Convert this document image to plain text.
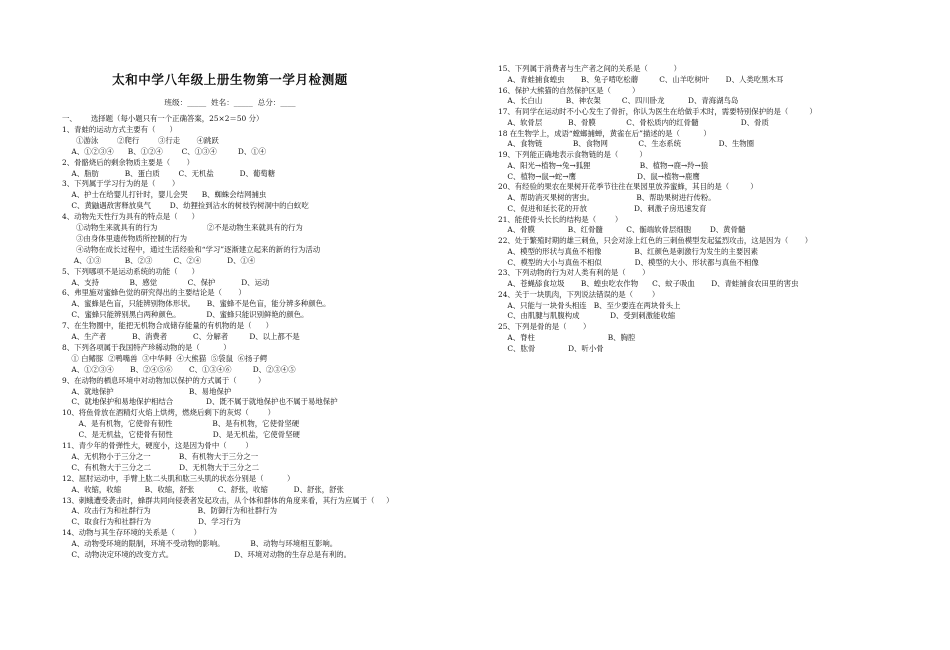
太和中学八年级上册生物第一学月检测题
班级：_____  姓名：_____  总分：____
一、      选择题（每小题只有一个正确答案，25×2＝50 分）
1、青蛙的运动方式主要有（      ）
①游泳        ②爬行        ③行走       ④跳跃
A、①②③④      B、①②④        C、①③④         D、①④
2、骨骼烧后的剩余物质主要是（       ）
A、脂肪           B、蛋白质        C、无机盐           D、葡萄糖
3、下列属于学习行为的是（       ）
A、护士在给婴儿打针时，婴儿会哭      B、蜘蛛会结网捕虫
C、黄鼬遇敌害释放臭气        D、幼狸捡到沾水的树枝钓树洞中的白蚁吃
4、动物先天性行为具有的特点是（      ）
①动物生来就具有的行为                     ②不是动物生来就具有的行为
③由身体里遗传物质所控制的行为
④动物在成长过程中，通过生活经验和“学习”逐渐建立起来的新的行为活动
A、①③          B、②③         C、②④           D、①④
5、下列哪项不是运动系统的功能（      ）
A、支持             B、感觉             C、保护           D、运动
6、弗里施对蜜蜂色觉的研究得出的主要结论是（       ）
A、蜜蜂是色盲，只能辨别物体形状。     B、蜜蜂不是色盲，能分辨多种颜色。
C、蜜蜂只能辨别黑白两种颜色。           D、蜜蜂只能识别鲜艳的颜色。
7、在生物圈中，能把无机物合成储存能量的有机物的是（      ）
A、生产者           B、消费者           C、分解者         D、以上都不是
8、下列各项属于我国特产珍稀动物的是（          ）
① 白鳍豚  ②鸭嘴兽  ③中华鲟  ④大熊猫  ⑤袋鼠  ⑥扬子鳄
A、①②③④       B、②④⑤⑥       C、①③④⑥         D、②③④⑤
9、在动物的栖息环境中对动物加以保护的方式属于（         ）
A、就地保护                                B、易地保护
C、就地保护和易地保护相结合              D、既不属于就地保护也不属于易地保护
10、将鱼骨放在酒精灯火焰上烘烤，燃烧后剩下的灰烬（        ）
A、是有机物，它使骨有韧性                 B、是有机物，它使骨坚硬
C、是无机盐，它使骨有韧性                 D、是无机盐，它使骨坚硬
11、青少年的骨弹性大，硬度小，这是因为骨中（        ）
A、无机物小于三分之一            B、有机物大于三分之一
C、有机物大于三分之二            D、无机物大于三分之二
12、屈肘运动中，手臂上肱二头肌和肱三头肌的状态分别是（          ）
A、收缩，收缩          B、收缩，舒张          C、舒张，收缩           D、舒张，舒张
13、刺蛾遭受袭击时，蜂群共同向侵袭者发起攻击，从个体和群体的角度来看，其行为应属于（     ）
A、攻击行为和社群行为                    B、防御行为和社群行为
C、取食行为和社群行为                    D、学习行为
14、动物与其生存环境的关系是（        ）
A、动物受环境的限制，环境不受动物的影响。           B、动物与环境相互影响。
C、动物决定环境的改变方式。                          D、环境对动物的生存总是有利的。
15、下列属于消费者与生产者之间的关系是（           ）
A、青蛙捕食蝗虫       B、兔子啃吃松蘑         C、山羊吃树叶       D、人类吃黑木耳
16、保护大熊猫的自然保护区是（         ）
A、长白山          B、神农架         C、四川卧龙          D、青海湖鸟岛
17、有同学在运动时不小心发生了骨折，你认为医生在给做手术时，需要特别保护的是（         ）
A、软骨层           B、骨膜             C、骨松质内的红骨髓                  D、骨质
18 在生物学上，成语“螳螂捕蝉，黄雀在后”描述的是（          ）
A、食物链             B、食物网             C、生态系统                D、生物圈
19、下列能正确地表示食物链的是（         ）
A、阳光→植物→兔→狐狸                     B、植物→鹿→羚→狼
C、植物→鼠→蛇→鹰                          D、鼠→植物→鹿鹰
20、有经验的果农在果树开花季节往往在果园里放养蜜蜂，其目的是（         ）
A、帮助消灭果树的害虫。                  B、帮助果树进行传粉。
C、促进和延长花的开放                    D、刺激子房迅速发育
21、能使骨头长长的结构是（        ）
A、骨膜              B、红骨髓          C、骺端软骨层细胞        D、黄骨髓
22、处于繁殖时期的雄三刺鱼，只会对涂上红色的三刺鱼模型发起猛烈攻击，这是因为（       ）
A、模型的形状与真鱼不相像              B、红颜色是刺激行为发生的主要因素
C、模型的大小与真鱼不相似              D、模型的大小、形状都与真鱼不相像
23、下列动物的行为对人类有利的是（       ）
A、苍蝇舔食垃圾       B、蝗虫吃农作物      C、蚊子吸血       D、青蛙捕食农田里的害虫
24、关于一块肌肉，下列说法错误的是（        ）
A、只能与一块骨头相连   B、至少要连在两块骨头上
C、由肌腱与肌腹构成             D、受到刺激能收缩
25、下列是骨的是（       ）
A、脊柱                               B、胸腔
C、肱骨              D、听小骨
